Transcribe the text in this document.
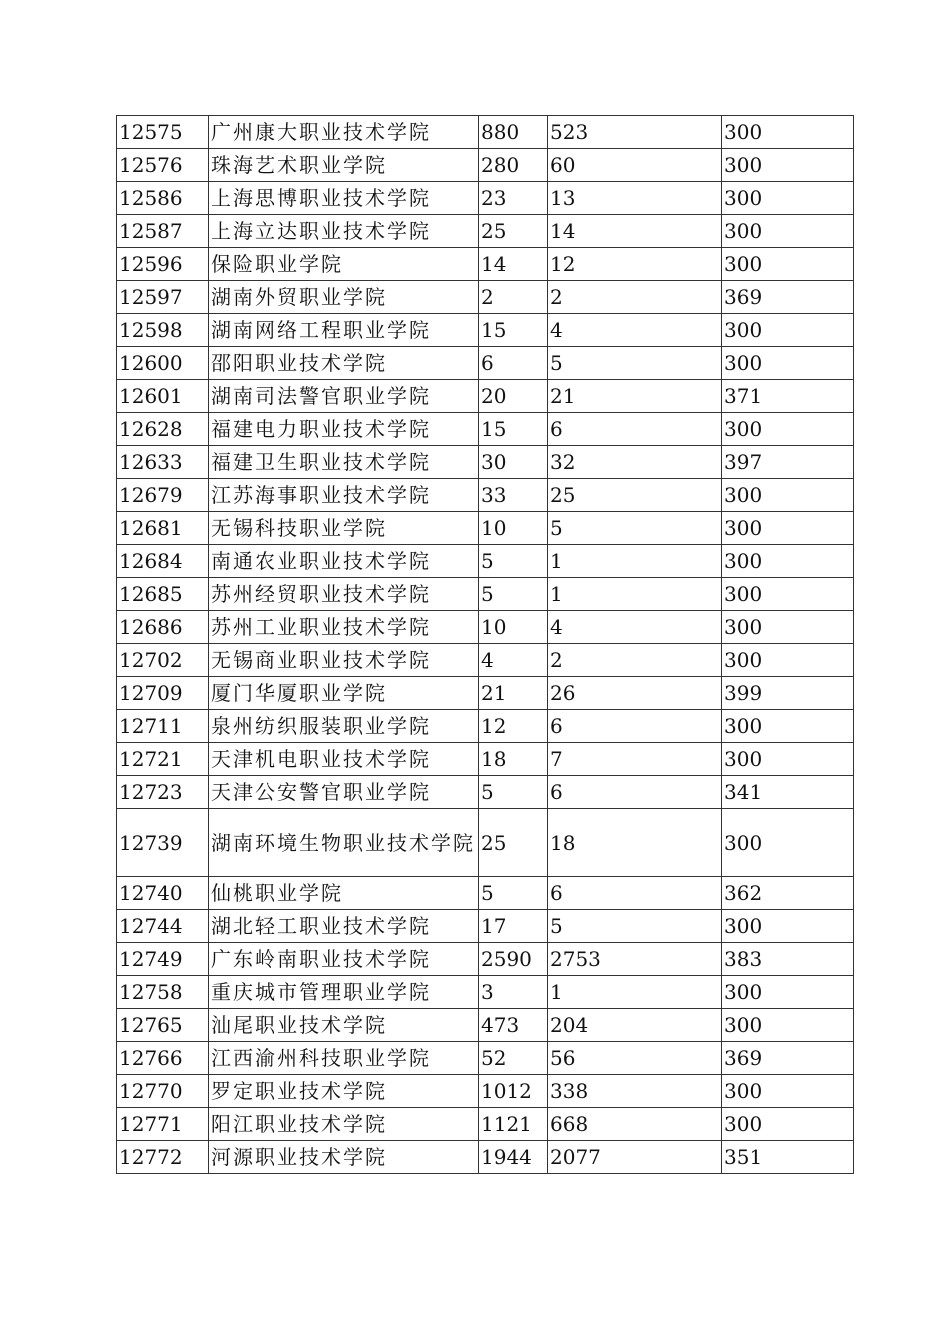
12575	广州康大职业技术学院	880	523	300
12576	珠海艺术职业学院	280	60	300
12586	上海思博职业技术学院	23	13	300
12587	上海立达职业技术学院	25	14	300
12596	保险职业学院	14	12	300
12597	湖南外贸职业学院	2	2	369
12598	湖南网络工程职业学院	15	4	300
12600	邵阳职业技术学院	6	5	300
12601	湖南司法警官职业学院	20	21	371
12628	福建电力职业技术学院	15	6	300
12633	福建卫生职业技术学院	30	32	397
12679	江苏海事职业技术学院	33	25	300
12681	无锡科技职业学院	10	5	300
12684	南通农业职业技术学院	5	1	300
12685	苏州经贸职业技术学院	5	1	300
12686	苏州工业职业技术学院	10	4	300
12702	无锡商业职业技术学院	4	2	300
12709	厦门华厦职业学院	21	26	399
12711	泉州纺织服装职业学院	12	6	300
12721	天津机电职业技术学院	18	7	300
12723	天津公安警官职业学院	5	6	341
12739	湖南环境生物职业技术学院	25	18	300
12740	仙桃职业学院	5	6	362
12744	湖北轻工职业技术学院	17	5	300
12749	广东岭南职业技术学院	2590	2753	383
12758	重庆城市管理职业学院	3	1	300
12765	汕尾职业技术学院	473	204	300
12766	江西渝州科技职业学院	52	56	369
12770	罗定职业技术学院	1012	338	300
12771	阳江职业技术学院	1121	668	300
12772	河源职业技术学院	1944	2077	351
